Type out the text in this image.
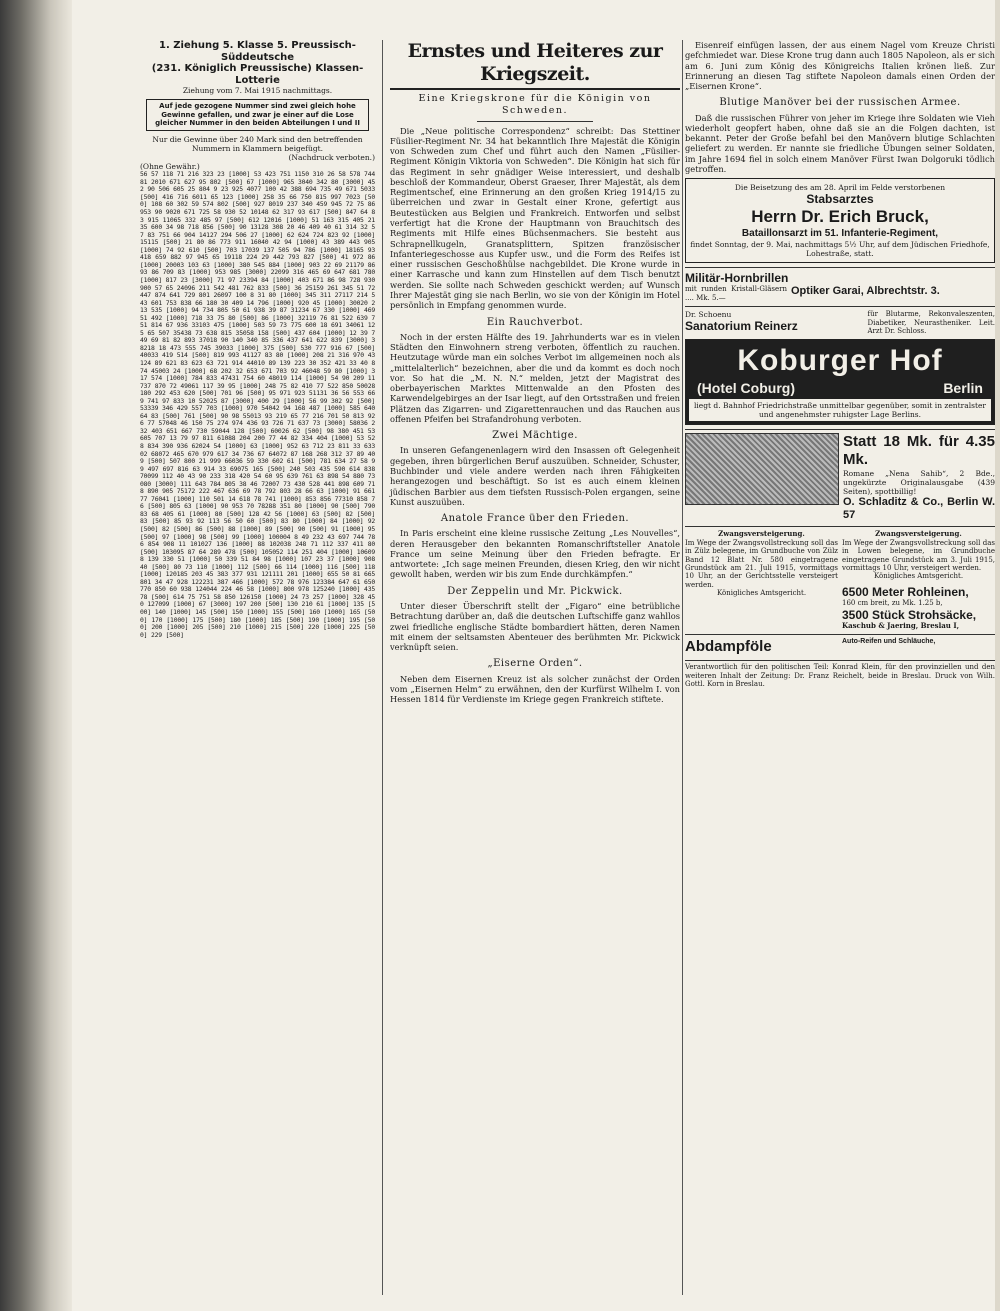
1. Ziehung 5. Klasse 5. Preussisch-Süddeutsche
(231. Königlich Preussische) Klassen-Lotterie
Ziehung vom 7. Mai 1915 nachmittags.
Auf jede gezogene Nummer sind zwei gleich hohe Gewinne gefallen, und zwar je einer auf die Lose gleicher Nummer in den beiden Abteilungen I und II
Nur die Gewinne über 240 Mark sind den betreffenden Nummern in Klammern beigefügt.
(Nachdruck verboten.)
(Ohne Gewähr.)

56 57 118 71 216 323 23 [1000] 53 423 751 1150 310 26 58 578 744 81 2010 671 627 95 802 [500] 67 [1000] 965 3040 342 80 [3000] 452 90 506 605 25 804 9 23 925 4077 100 42 388 694 735 49 671 5033 [500] 416 716 6011 65 123 [1000] 258 35 66 750 815 997 7023 [500] 108 60 302 59 574 802 [500] 927 8019 237 340 459 945 72 75 86 953 90 9020 671 725 58 930 52 10148 62 317 93 617 [500] 847 64 83 915 11065 332 485 97 [500] 612 12016 [1000] 51 163 315 405 21 35 600 34 98 718 856 [500] 90 13128 308 20 46 409 40 61 314 32 57 83 751 66 904 14127 294 506 27 [1000] 62 624 724 823 92 [1000] 15115 [500] 21 80 86 773 911 16040 42 94 [1000] 43 389 443 905 [1000] 74 92 610 [500] 703 17039 137 505 94 786 [1000] 18165 93 418 659 882 97 945 65 19118 224 29 442 793 827 [500] 41 972 86 [1000] 20003 103 63 [1000] 380 545 884 [1000] 903 22 69 21179 86 93 86 709 83 [1000] 953 985 [3000] 22099 316 465 69 647 681 780 [1000] 817 23 [3000] 71 97 23394 84 [1000] 403 671 86 98 728 930 900 57 65 24096 211 542 481 762 833 [500] 36 25159 261 345 51 72 447 874 641 729 801 26097 100 8 31 80 [1000] 345 311 27117 214 543 601 753 838 66 180 30 409 14 796 [1000] 920 45 [1000] 30020 213 535 [1000] 94 734 805 50 61 938 39 87 31234 67 330 [1000] 469 51 492 [1000] 718 33 75 80 [500] 86 [1000] 32119 76 81 522 639 751 814 67 936 33103 475 [1000] 503 59 73 775 600 18 691 34061 125 65 507 35438 73 638 815 35058 158 [500] 437 604 [1000] 12 39 749 69 81 82 893 37018 90 140 340 85 336 437 641 622 839 [3000] 38218 18 473 555 745 39033 [1000] 375 [500] 530 777 916 67 [500] 40033 419 514 [500] 819 993 41127 83 80 [1000] 208 21 316 970 43124 89 621 83 623 63 721 914 44010 89 139 223 30 352 421 33 40 874 45003 24 [1000] 68 202 32 653 671 703 92 46048 59 80 [1000] 317 574 [1000] 784 833 47431 754 60 48019 114 [1000] 54 90 209 11 737 870 72 49061 117 39 95 [1000] 248 75 82 410 77 522 850 50028 180 292 453 620 [500] 701 96 [500] 95 971 923 51131 36 56 553 669 741 97 833 10 52025 87 [3000] 400 29 [1000] 56 99 302 92 [500] 53339 346 429 557 703 [1000] 970 54042 94 168 487 [1000] 585 640 64 83 [500] 761 [500] 90 98 55013 93 219 65 77 216 701 50 813 926 77 57048 46 150 75 274 974 436 93 726 71 637 73 [3000] 58036 232 403 651 667 730 59044 128 [500] 60026 62 [500] 98 380 451 53 605 707 13 79 97 811 61088 204 200 77 44 82 334 404 [1000] 53 528 834 390 936 62024 54 [1000] 63 [1000] 952 63 712 23 811 33 63302 68072 465 670 979 617 34 736 67 64072 87 168 268 312 37 89 409 [500] 507 800 21 999 66036 59 330 602 61 [500] 781 634 27 58 99 497 697 816 63 914 33 69075 165 [500] 240 503 435 590 614 838 70099 112 40 43 90 233 318 420 54 60 95 639 761 63 898 54 880 73080 [3000] 111 643 784 805 38 46 72007 73 430 528 441 898 609 718 890 905 75172 222 467 636 69 78 792 803 28 66 63 [1000] 91 661 77 76041 [1000] 110 501 14 618 78 741 [1000] 853 856 77310 858 76 [500] 805 63 [1000] 90 953 70 78288 351 80 [1000] 90 [500] 79083 68 405 61 [1000] 80 [500] 128 42 56 [1000] 63 [500] 82 [500] 83 [500] 85 93 92 113 56 50 60 [500] 83 80 [1000] 84 [1000] 92 [500] 82 [500] 86 [500] 88 [1000] 89 [500] 90 [500] 91 [1000] 95 [500] 97 [1000] 98 [500] 99 [1000] 100004 8 49 232 43 697 744 786 854 908 11 101027 136 [1000] 88 102038 248 71 112 337 411 80 [500] 103095 87 64 289 478 [500] 105052 114 251 404 [1000] 106098 139 330 51 [1000] 50 339 51 84 98 [1000] 107 23 37 [1000] 908 40 [500] 80 73 110 [1000] 112 [500] 66 114 [1000] 116 [500] 118 [1000] 120185 203 45 383 377 931 121111 201 [1000] 655 50 81 665 801 34 47 928 122231 387 466 [1000] 572 78 976 123384 647 61 650 770 850 60 938 124044 224 46 58 [1000] 800 978 125240 [1000] 435 78 [500] 614 75 751 58 850 126150 [1000] 24 73 257 [1000] 328 450 127099 [1000] 67 [3000] 197 200 [500] 130 210 61 [1000] 135 [500] 140 [1000] 145 [500] 150 [1000] 155 [500] 160 [1000] 165 [500] 170 [1000] 175 [500] 180 [1000] 185 [500] 190 [1000] 195 [500] 200 [1000] 205 [500] 210 [1000] 215 [500] 220 [1000] 225 [500] 229 [500]

Ernstes und Heiteres zur Kriegszeit.
Eine Kriegskrone für die Königin von Schweden.

Die „Neue politische Correspondenz“ schreibt: Das Stettiner Füsilier-Regiment Nr. 34 hat bekanntlich Ihre Majestät die Königin von Schweden zum Chef und führt auch den Namen „Füsilier-Regiment Königin Viktoria von Schweden“. Die Königin hat sich für das Regiment in sehr gnädiger Weise interessiert, und deshalb beschloß der Kommandeur, Oberst Graeser, Ihrer Majestät, als dem Regimentschef, eine Erinnerung an den großen Krieg 1914/15 zu überreichen und zwar in Gestalt einer Krone, gefertigt aus Beutestücken aus Belgien und Frankreich. Entworfen und selbst verfertigt hat die Krone der Hauptmann von Brauchitsch des Regiments mit Hilfe eines Büchsenmachers. Sie besteht aus Schrapnellkugeln, Granatsplittern, Spitzen französischer Infanteriegeschosse aus Kupfer usw., und die Form des Reifes ist einer russischen Geschoßhülse nachgebildet. Die Krone wurde in einer Karrasche und kann zum Hinstellen auf dem Tisch benutzt werden. Sie sollte nach Schweden geschickt werden; auf Wunsch Ihrer Majestät ging sie nach Berlin, wo sie von der Königin im Hotel persönlich in Empfang genommen wurde.

Ein Rauchverbot.

Noch in der ersten Hälfte des 19. Jahrhunderts war es in vielen Städten den Einwohnern streng verboten, öffentlich zu rauchen. Heutzutage würde man ein solches Verbot im allgemeinen noch als „mittelalterlich“ bezeichnen, aber die und da kommt es doch noch vor. So hat die „M. N. N.“ melden, jetzt der Magistrat des oberbayerischen Marktes Mittenwalde an den Pfosten des Karwendelgebirges an der Isar liegt, auf den Ortsstraßen und freien Plätzen das Zigarren- und Zigarettenrauchen und das Rauchen aus offenen Pfeifen bei Strafandrohung verboten.

Zwei Mächtige.

In unseren Gefangenenlagern wird den Insassen oft Gelegenheit gegeben, ihren bürgerlichen Beruf auszuüben. Schneider, Schuster, Buchbinder und viele andere werden nach ihren Fähigkeiten herangezogen und beschäftigt. So ist es auch einem kleinen jüdischen Barbier aus dem tiefsten Russisch-Polen ergangen, seine Kunst auszuüben.

Anatole France über den Frieden.

In Paris erscheint eine kleine russische Zeitung „Les Nouvelles“, deren Herausgeber den bekannten Romanschriftsteller Anatole France um seine Meinung über den Frieden befragte. Er antwortete: „Ich sage meinen Freunden, diesen Krieg, den wir nicht gewollt haben, werden wir bis zum Ende durchkämpfen.“

Der Zeppelin und Mr. Pickwick.

Unter dieser Überschrift stellt der „Figaro“ eine betrübliche Betrachtung darüber an, daß die deutschen Luftschiffe ganz wahllos zwei friedliche englische Städte bombardiert hätten, deren Namen mit einem der seltsamsten Abenteuer des berühmten Mr. Pickwick verknüpft seien.

„Eiserne Orden“.

Neben dem Eisernen Kreuz ist als solcher zunächst der Orden vom „Eisernen Helm“ zu erwähnen, den der Kurfürst Wilhelm I. von Hessen 1814 für Verdienste im Kriege gegen Frankreich stiftete.

Eisenreif einfügen lassen, der aus einem Nagel vom Kreuze Christi gefchmiedet war. Diese Krone trug dann auch 1805 Napoleon, als er sich am 6. Juni zum König des Königreichs Italien krönen ließ. Zur Erinnerung an diesen Tag stiftete Napoleon damals einen Orden der „Eisernen Krone“.

Blutige Manöver bei der russischen Armee.

Daß die russischen Führer von jeher im Kriege ihre Soldaten wie Vieh wiederholt geopfert haben, ohne daß sie an die Folgen dachten, ist bekannt. Peter der Große befahl bei den Manövern blutige Schlachten geliefert zu werden. Er nannte sie friedliche Übungen seiner Soldaten, im Jahre 1694 fiel in solch einem Manöver Fürst Iwan Dolgoruki tödlich getroffen.

Die Beisetzung des am 28. April im Felde verstorbenen
Stabsarztes
Herrn Dr. Erich Bruck,
Bataillonsarzt im 51. Infanterie-Regiment,
findet Sonntag, der 9. Mai, nachmittags 5½ Uhr, auf dem Jüdischen Friedhofe, Lohestraße, statt.
Militär-Hornbrillen
mit runden Kristall-Gläsern .... Mk. 5.—
Optiker Garai, Albrechtstr. 3.
Dr. Schoenu
Sanatorium Reinerz
für Blutarme, Rekonvaleszenten, Diabetiker, Neurastheniker. Leit. Arzt Dr. Schloss.
Koburger Hof
(Hotel Coburg)	Berlin
liegt d. Bahnhof Friedrichstraße unmittelbar gegenüber, somit in zentralster und angenehmster ruhigster Lage Berlins.
Statt 18 Mk. für 4.35 Mk.
Romane „Nena Sahib“, 2 Bde., ungekürzte Originalausgabe (439 Seiten), spottbillig!
O. Schladitz & Co., Berlin W. 57
Zwangsversteigerung.
Im Wege der Zwangsvollstreckung soll das in Zülz belegene, im Grundbuche von Zülz Band 12 Blatt Nr. 580 eingetragene Grundstück am 21. Juli 1915, vormittags 10 Uhr, an der Gerichtsstelle versteigert werden.
Königliches Amtsgericht.
Zwangsversteigerung.
Im Wege der Zwangsvollstreckung soll das in Lowen belegene, im Grundbuche eingetragene Grundstück am 3. Juli 1915, vormittags 10 Uhr, versteigert werden.
Königliches Amtsgericht.
6500 Meter Rohleinen,
160 cm breit, zu Mk. 1.25 b,
3500 Stück Strohsäcke,
Kaschub & Jaering, Breslau I,
Abdampföle	Auto-Reifen und Schläuche,
Verantwortlich für den politischen Teil: Konrad Klein, für den provinziellen und den weiteren Inhalt der Zeitung: Dr. Franz Reichelt, beide in Breslau. Druck von Wilh. Gottl. Korn in Breslau.
